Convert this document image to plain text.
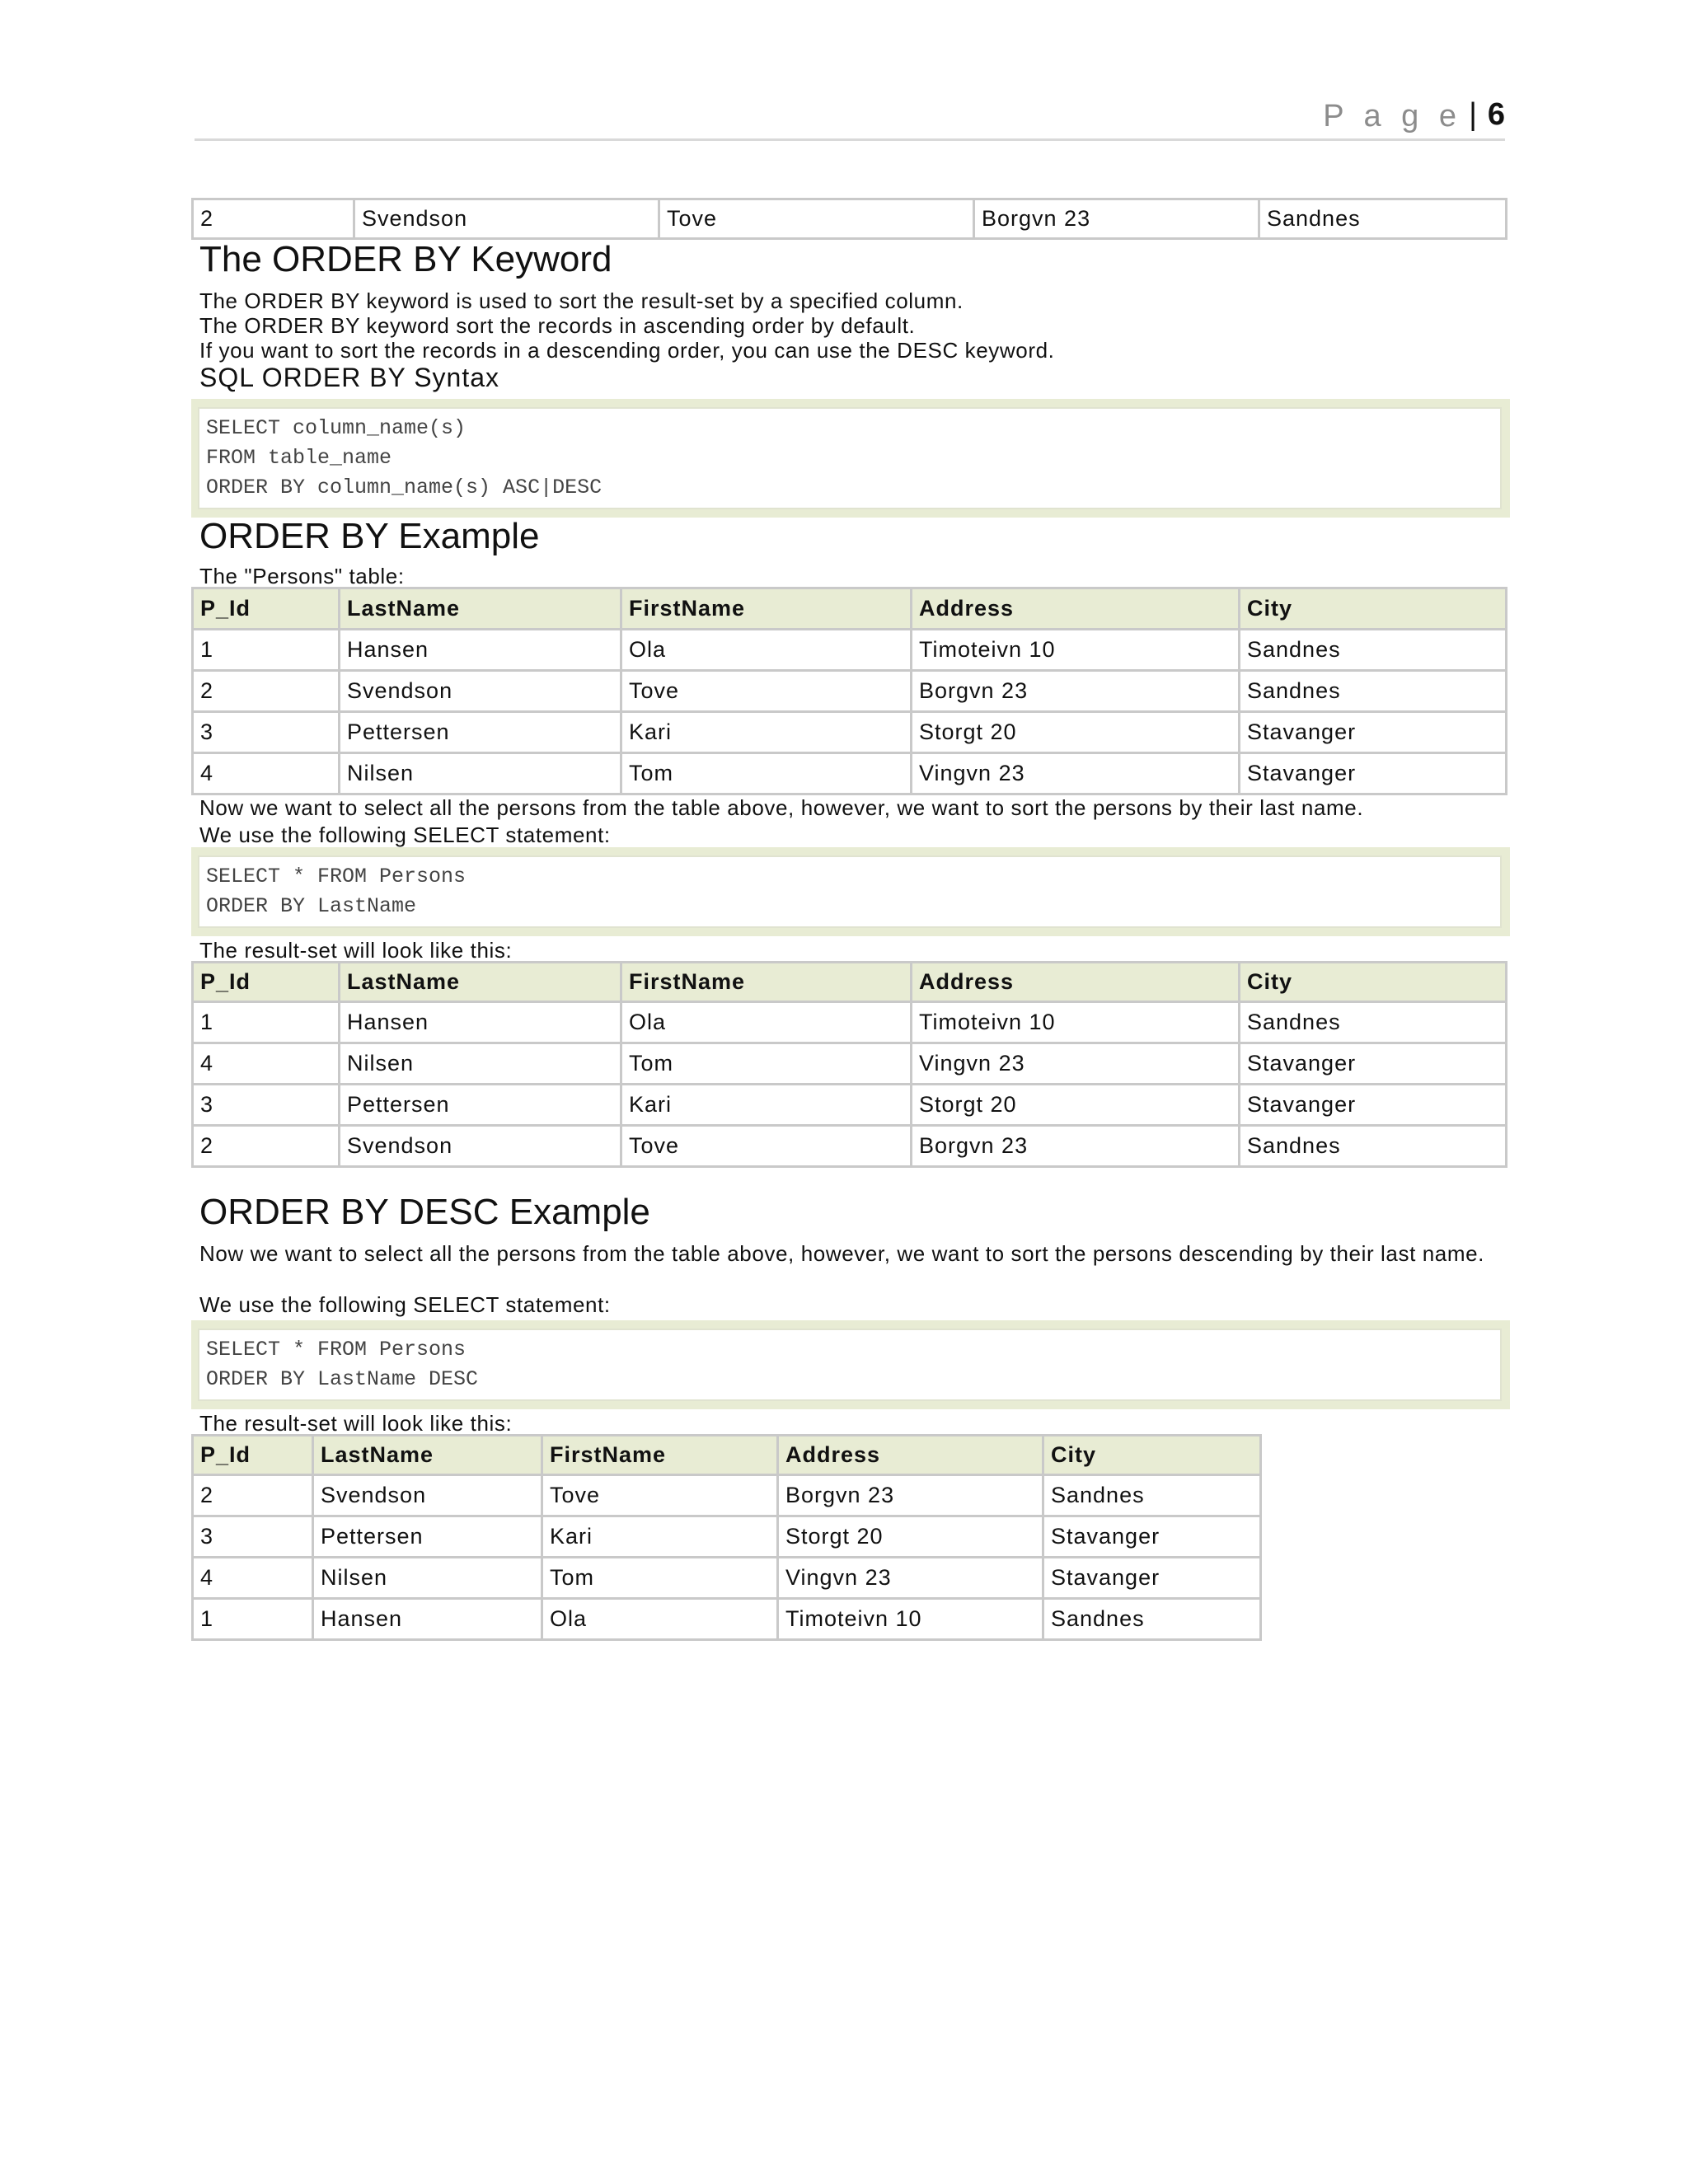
P a g e | 6
2	Svendson	Tove	Borgvn 23	Sandnes
The ORDER BY Keyword

The ORDER BY keyword is used to sort the result-set by a specified column.

The ORDER BY keyword sort the records in ascending order by default.

If you want to sort the records in a descending order, you can use the DESC keyword.

SQL ORDER BY Syntax
SELECT column_name(s)
FROM table_name
ORDER BY column_name(s) ASC|DESC
ORDER BY Example

The "Persons" table:

P_Id	LastName	FirstName	Address	City
1	Hansen	Ola	Timoteivn 10	Sandnes
2	Svendson	Tove	Borgvn 23	Sandnes
3	Pettersen	Kari	Storgt 20	Stavanger
4	Nilsen	Tom	Vingvn 23	Stavanger

Now we want to select all the persons from the table above, however, we want to sort the persons by their last name.

We use the following SELECT statement:

SELECT * FROM Persons
ORDER BY LastName

The result-set will look like this:

P_Id	LastName	FirstName	Address	City
1	Hansen	Ola	Timoteivn 10	Sandnes
4	Nilsen	Tom	Vingvn 23	Stavanger
3	Pettersen	Kari	Storgt 20	Stavanger
2	Svendson	Tove	Borgvn 23	Sandnes
ORDER BY DESC Example

Now we want to select all the persons from the table above, however, we want to sort the persons descending by their last name.

We use the following SELECT statement:

SELECT * FROM Persons
ORDER BY LastName DESC

The result-set will look like this:

P_Id	LastName	FirstName	Address	City
2	Svendson	Tove	Borgvn 23	Sandnes
3	Pettersen	Kari	Storgt 20	Stavanger
4	Nilsen	Tom	Vingvn 23	Stavanger
1	Hansen	Ola	Timoteivn 10	Sandnes
